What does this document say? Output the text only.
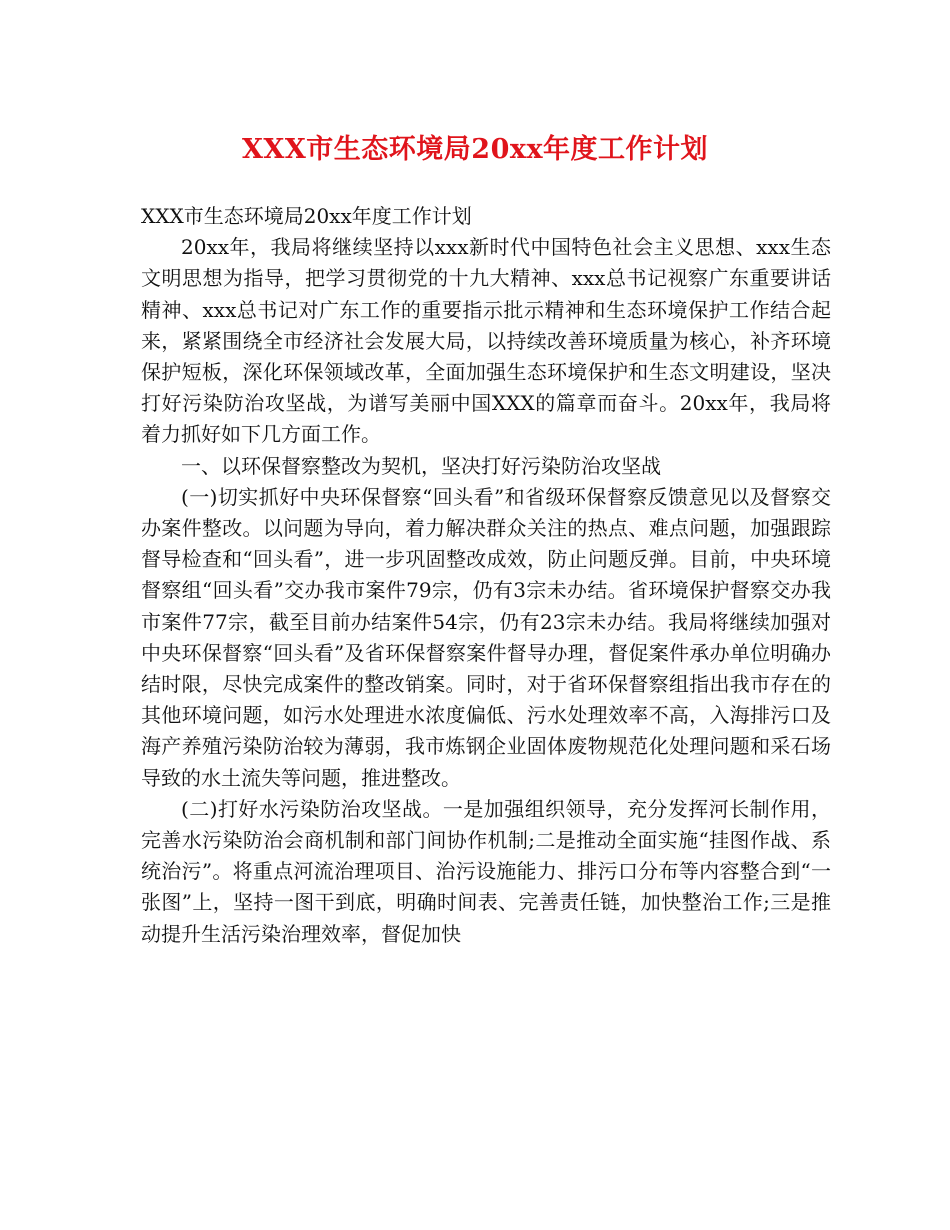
XXX市生态环境局20xx年度工作计划

XXX市生态环境局20xx年度工作计划

20xx年，我局将继续坚持以xxx新时代中国特色社会主义思想、xxx生态文明思想为指导，把学习贯彻党的十九大精神、xxx总书记视察广东重要讲话精神、xxx总书记对广东工作的重要指示批示精神和生态环境保护工作结合起来，紧紧围绕全市经济社会发展大局，以持续改善环境质量为核心，补齐环境保护短板，深化环保领域改革，全面加强生态环境保护和生态文明建设，坚决打好污染防治攻坚战，为谱写美丽中国XXX的篇章而奋斗。20xx年，我局将着力抓好如下几方面工作。

一、以环保督察整改为契机，坚决打好污染防治攻坚战

(一)切实抓好中央环保督察“回头看”和省级环保督察反馈意见以及督察交办案件整改。以问题为导向，着力解决群众关注的热点、难点问题，加强跟踪督导检查和“回头看”，进一步巩固整改成效，防止问题反弹。目前，中央环境督察组“回头看”交办我市案件79宗，仍有3宗未办结。省环境保护督察交办我市案件77宗，截至目前办结案件54宗，仍有23宗未办结。我局将继续加强对中央环保督察“回头看”及省环保督察案件督导办理，督促案件承办单位明确办结时限，尽快完成案件的整改销案。同时，对于省环保督察组指出我市存在的其他环境问题，如污水处理进水浓度偏低、污水处理效率不高，入海排污口及海产养殖污染防治较为薄弱，我市炼钢企业固体废物规范化处理问题和采石场导致的水土流失等问题，推进整改。

(二)打好水污染防治攻坚战。一是加强组织领导，充分发挥河长制作用，完善水污染防治会商机制和部门间协作机制;二是推动全面实施“挂图作战、系统治污”。将重点河流治理项目、治污设施能力、排污口分布等内容整合到“一张图”上，坚持一图干到底，明确时间表、完善责任链，加快整治工作;三是推动提升生活污染治理效率，督促加快
